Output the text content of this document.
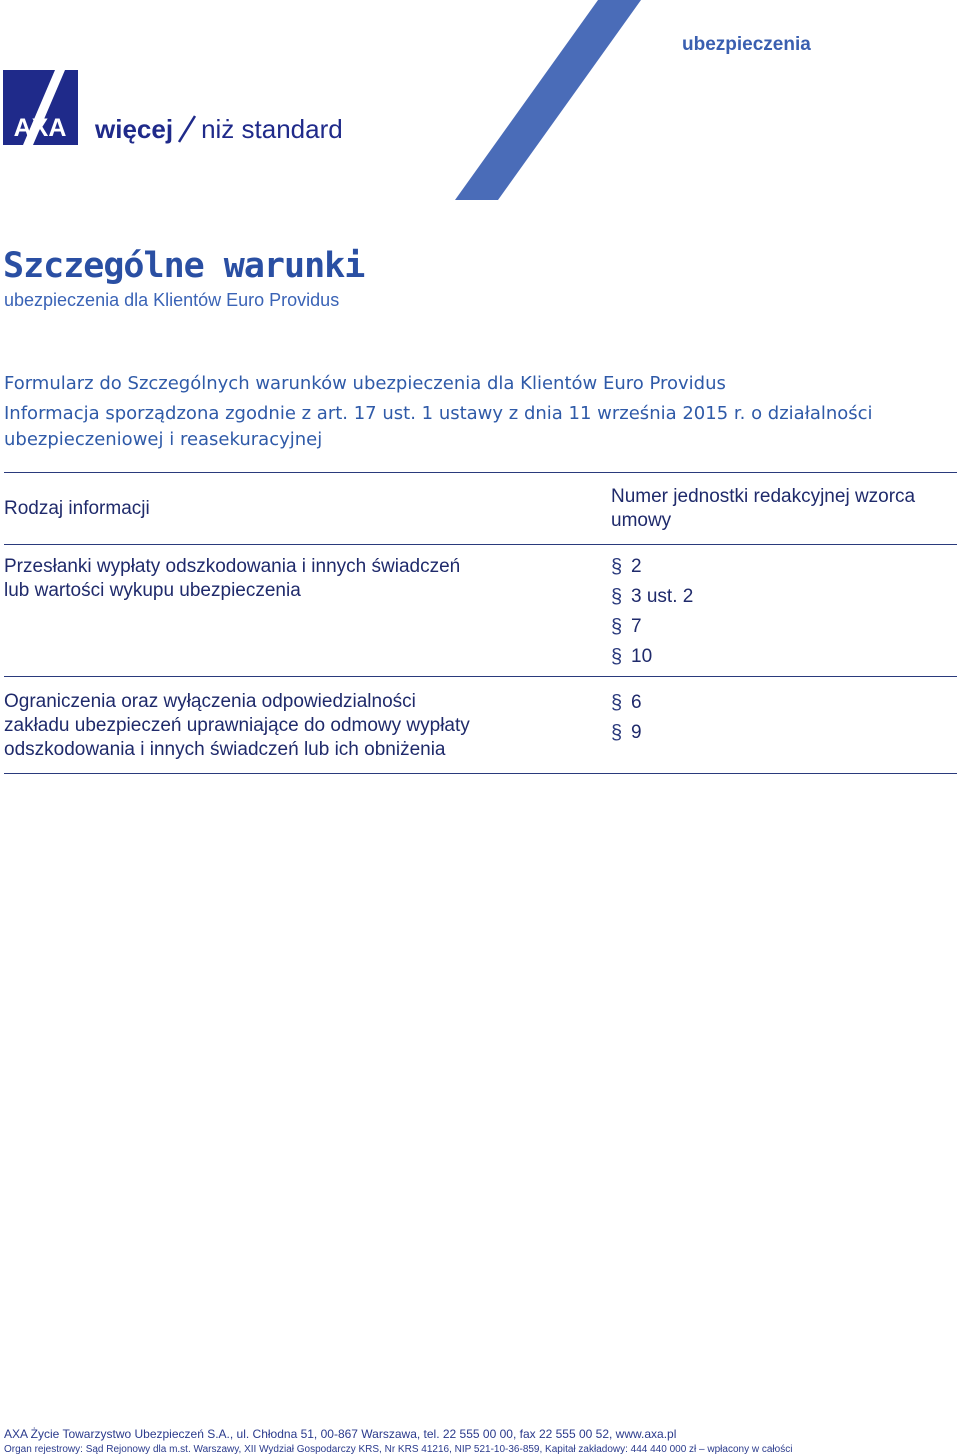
ubezpieczenia
AXA więcej niż standard
Szczególne warunki
ubezpieczenia dla Klientów Euro Providus
Formularz do Szczególnych warunków ubezpieczenia dla Klientów Euro Providus
Informacja sporządzona zgodnie z art. 17 ust. 1 ustawy z dnia 11 września 2015 r. o działalności
ubezpieczeniowej i reasekuracyjnej
Rodzaj informacji
Numer jednostki redakcyjnej wzorca
umowy
Przesłanki wypłaty odszkodowania i innych świadczeń
lub wartości wykupu ubezpieczenia
§ 2
§ 3 ust. 2
§ 7
§ 10
Ograniczenia oraz wyłączenia odpowiedzialności
zakładu ubezpieczeń uprawniające do odmowy wypłaty
odszkodowania i innych świadczeń lub ich obniżenia
§ 6
§ 9
AXA Życie Towarzystwo Ubezpieczeń S.A., ul. Chłodna 51, 00-867 Warszawa, tel. 22 555 00 00, fax 22 555 00 52, www.axa.pl
Organ rejestrowy: Sąd Rejonowy dla m.st. Warszawy, XII Wydział Gospodarczy KRS, Nr KRS 41216, NIP 521-10-36-859, Kapitał zakładowy: 444 440 000 zł – wpłacony w całości
